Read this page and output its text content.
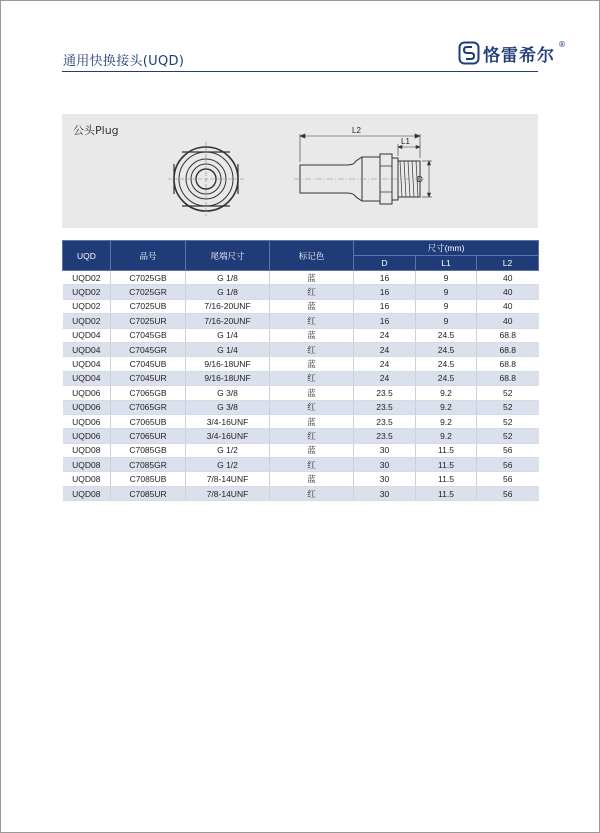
通用快换接头(UQD)	恪雷希尔
®
公头Plug	L2
L1
D
UQD	品号	尾端尺寸	标记色	尺寸(mm)		
				D	L1	L2
UQD02	C7025GB	G 1/8	蓝	16	9	40
UQD02	C7025GR	G 1/8	红	16	9	40
UQD02	C7025UB	7/16-20UNF	蓝	16	9	40
UQD02	C7025UR	7/16-20UNF	红	16	9	40
UQD04	C7045GB	G 1/4	蓝	24	24.5	68.8
UQD04	C7045GR	G 1/4	红	24	24.5	68.8
UQD04	C7045UB	9/16-18UNF	蓝	24	24.5	68.8
UQD04	C7045UR	9/16-18UNF	红	24	24.5	68.8
UQD06	C7065GB	G 3/8	蓝	23.5	9.2	52
UQD06	C7065GR	G 3/8	红	23.5	9.2	52
UQD06	C7065UB	3/4-16UNF	蓝	23.5	9.2	52
UQD06	C7065UR	3/4-16UNF	红	23.5	9.2	52
UQD08	C7085GB	G 1/2	蓝	30	11.5	56
UQD08	C7085GR	G 1/2	红	30	11.5	56
UQD08	C7085UB	7/8-14UNF	蓝	30	11.5	56
UQD08	C7085UR	7/8-14UNF	红	30	11.5	56
